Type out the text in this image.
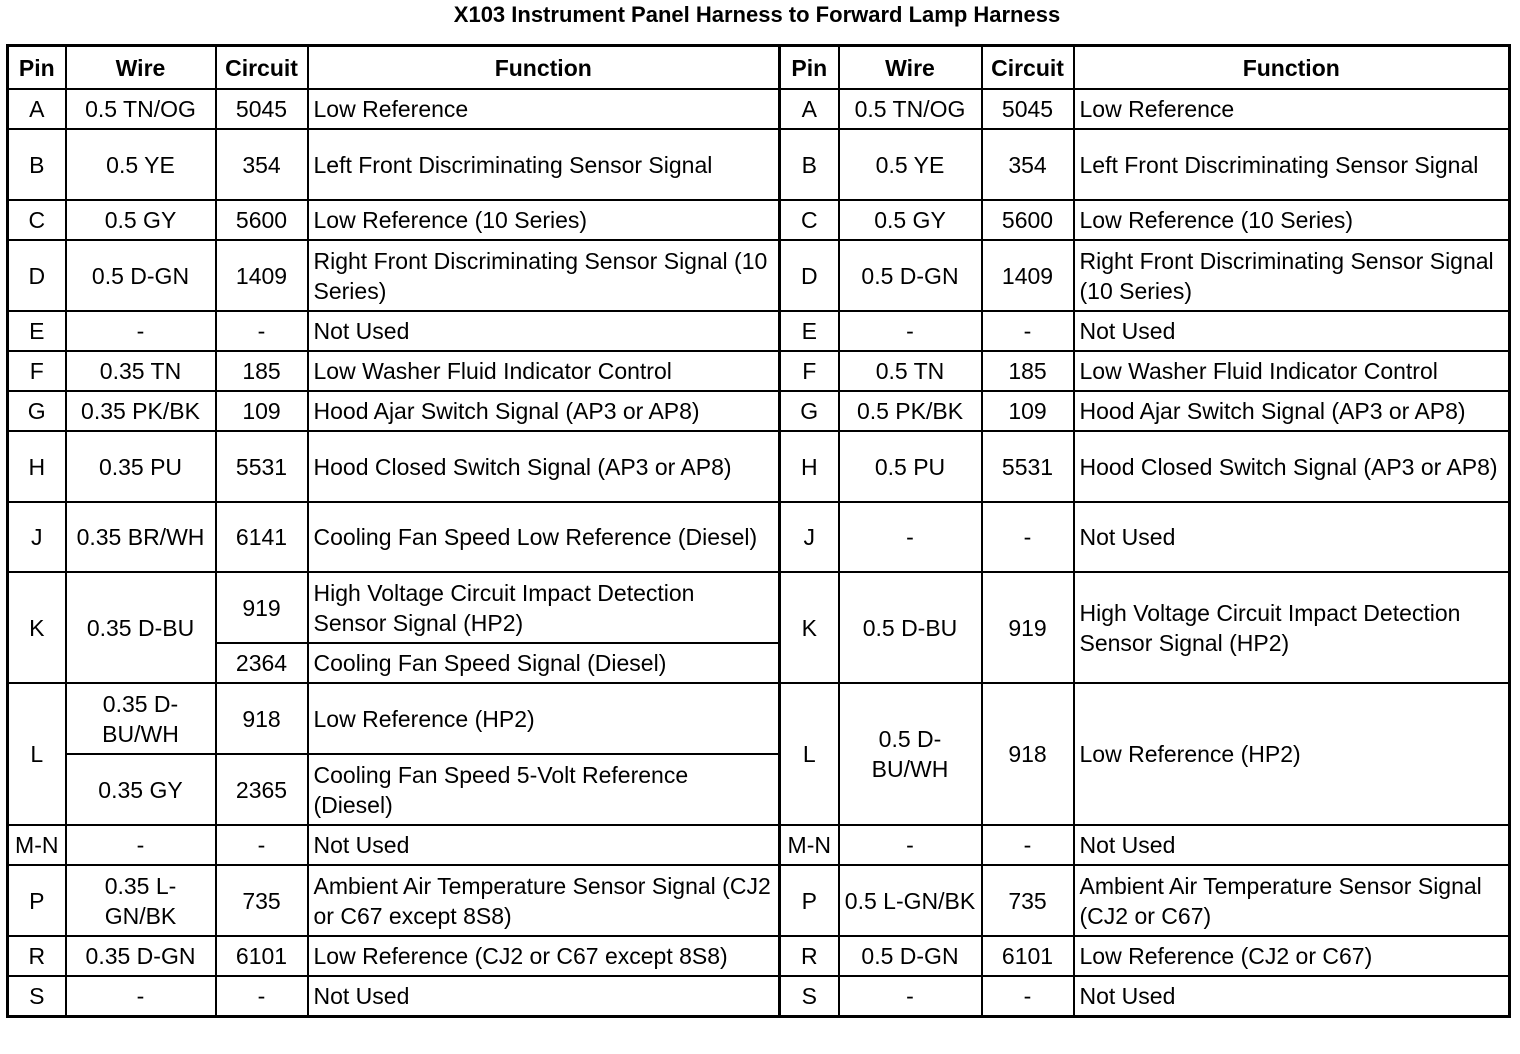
X103 Instrument Panel Harness to Forward Lamp Harness
Pin	Wire	Circuit	Function	Pin	Wire	Circuit	Function
A	0.5 TN/OG	5045	Low Reference	A	0.5 TN/OG	5045	Low Reference
B	0.5 YE	354	Left Front Discriminating Sensor Signal	B	0.5 YE	354	Left Front Discriminating Sensor Signal
C	0.5 GY	5600	Low Reference (10 Series)	C	0.5 GY	5600	Low Reference (10 Series)
D	0.5 D-GN	1409	Right Front Discriminating Sensor Signal (10 Series)	D	0.5 D-GN	1409	Right Front Discriminating Sensor Signal (10 Series)
E	-	-	Not Used	E	-	-	Not Used
F	0.35 TN	185	Low Washer Fluid Indicator Control	F	0.5 TN	185	Low Washer Fluid Indicator Control
G	0.35 PK/BK	109	Hood Ajar Switch Signal (AP3 or AP8)	G	0.5 PK/BK	109	Hood Ajar Switch Signal (AP3 or AP8)
H	0.35 PU	5531	Hood Closed Switch Signal (AP3 or AP8)	H	0.5 PU	5531	Hood Closed Switch Signal (AP3 or AP8)
J	0.35 BR/WH	6141	Cooling Fan Speed Low Reference (Diesel)	J	-	-	Not Used
K	0.35 D-BU	919	High Voltage Circuit Impact Detection Sensor Signal (HP2)	K	0.5 D-BU	919	High Voltage Circuit Impact Detection Sensor Signal (HP2)
		2364	Cooling Fan Speed Signal (Diesel)				
L	0.35 D-BU/WH	918	Low Reference (HP2)	L	0.5 D-BU/WH	918	Low Reference (HP2)
	0.35 GY	2365	Cooling Fan Speed 5-Volt Reference (Diesel)				
M-N	-	-	Not Used	M-N	-	-	Not Used
P	0.35 L-GN/BK	735	Ambient Air Temperature Sensor Signal (CJ2 or C67 except 8S8)	P	0.5 L-GN/BK	735	Ambient Air Temperature Sensor Signal (CJ2 or C67)
R	0.35 D-GN	6101	Low Reference (CJ2 or C67 except 8S8)	R	0.5 D-GN	6101	Low Reference (CJ2 or C67)
S	-	-	Not Used	S	-	-	Not Used
